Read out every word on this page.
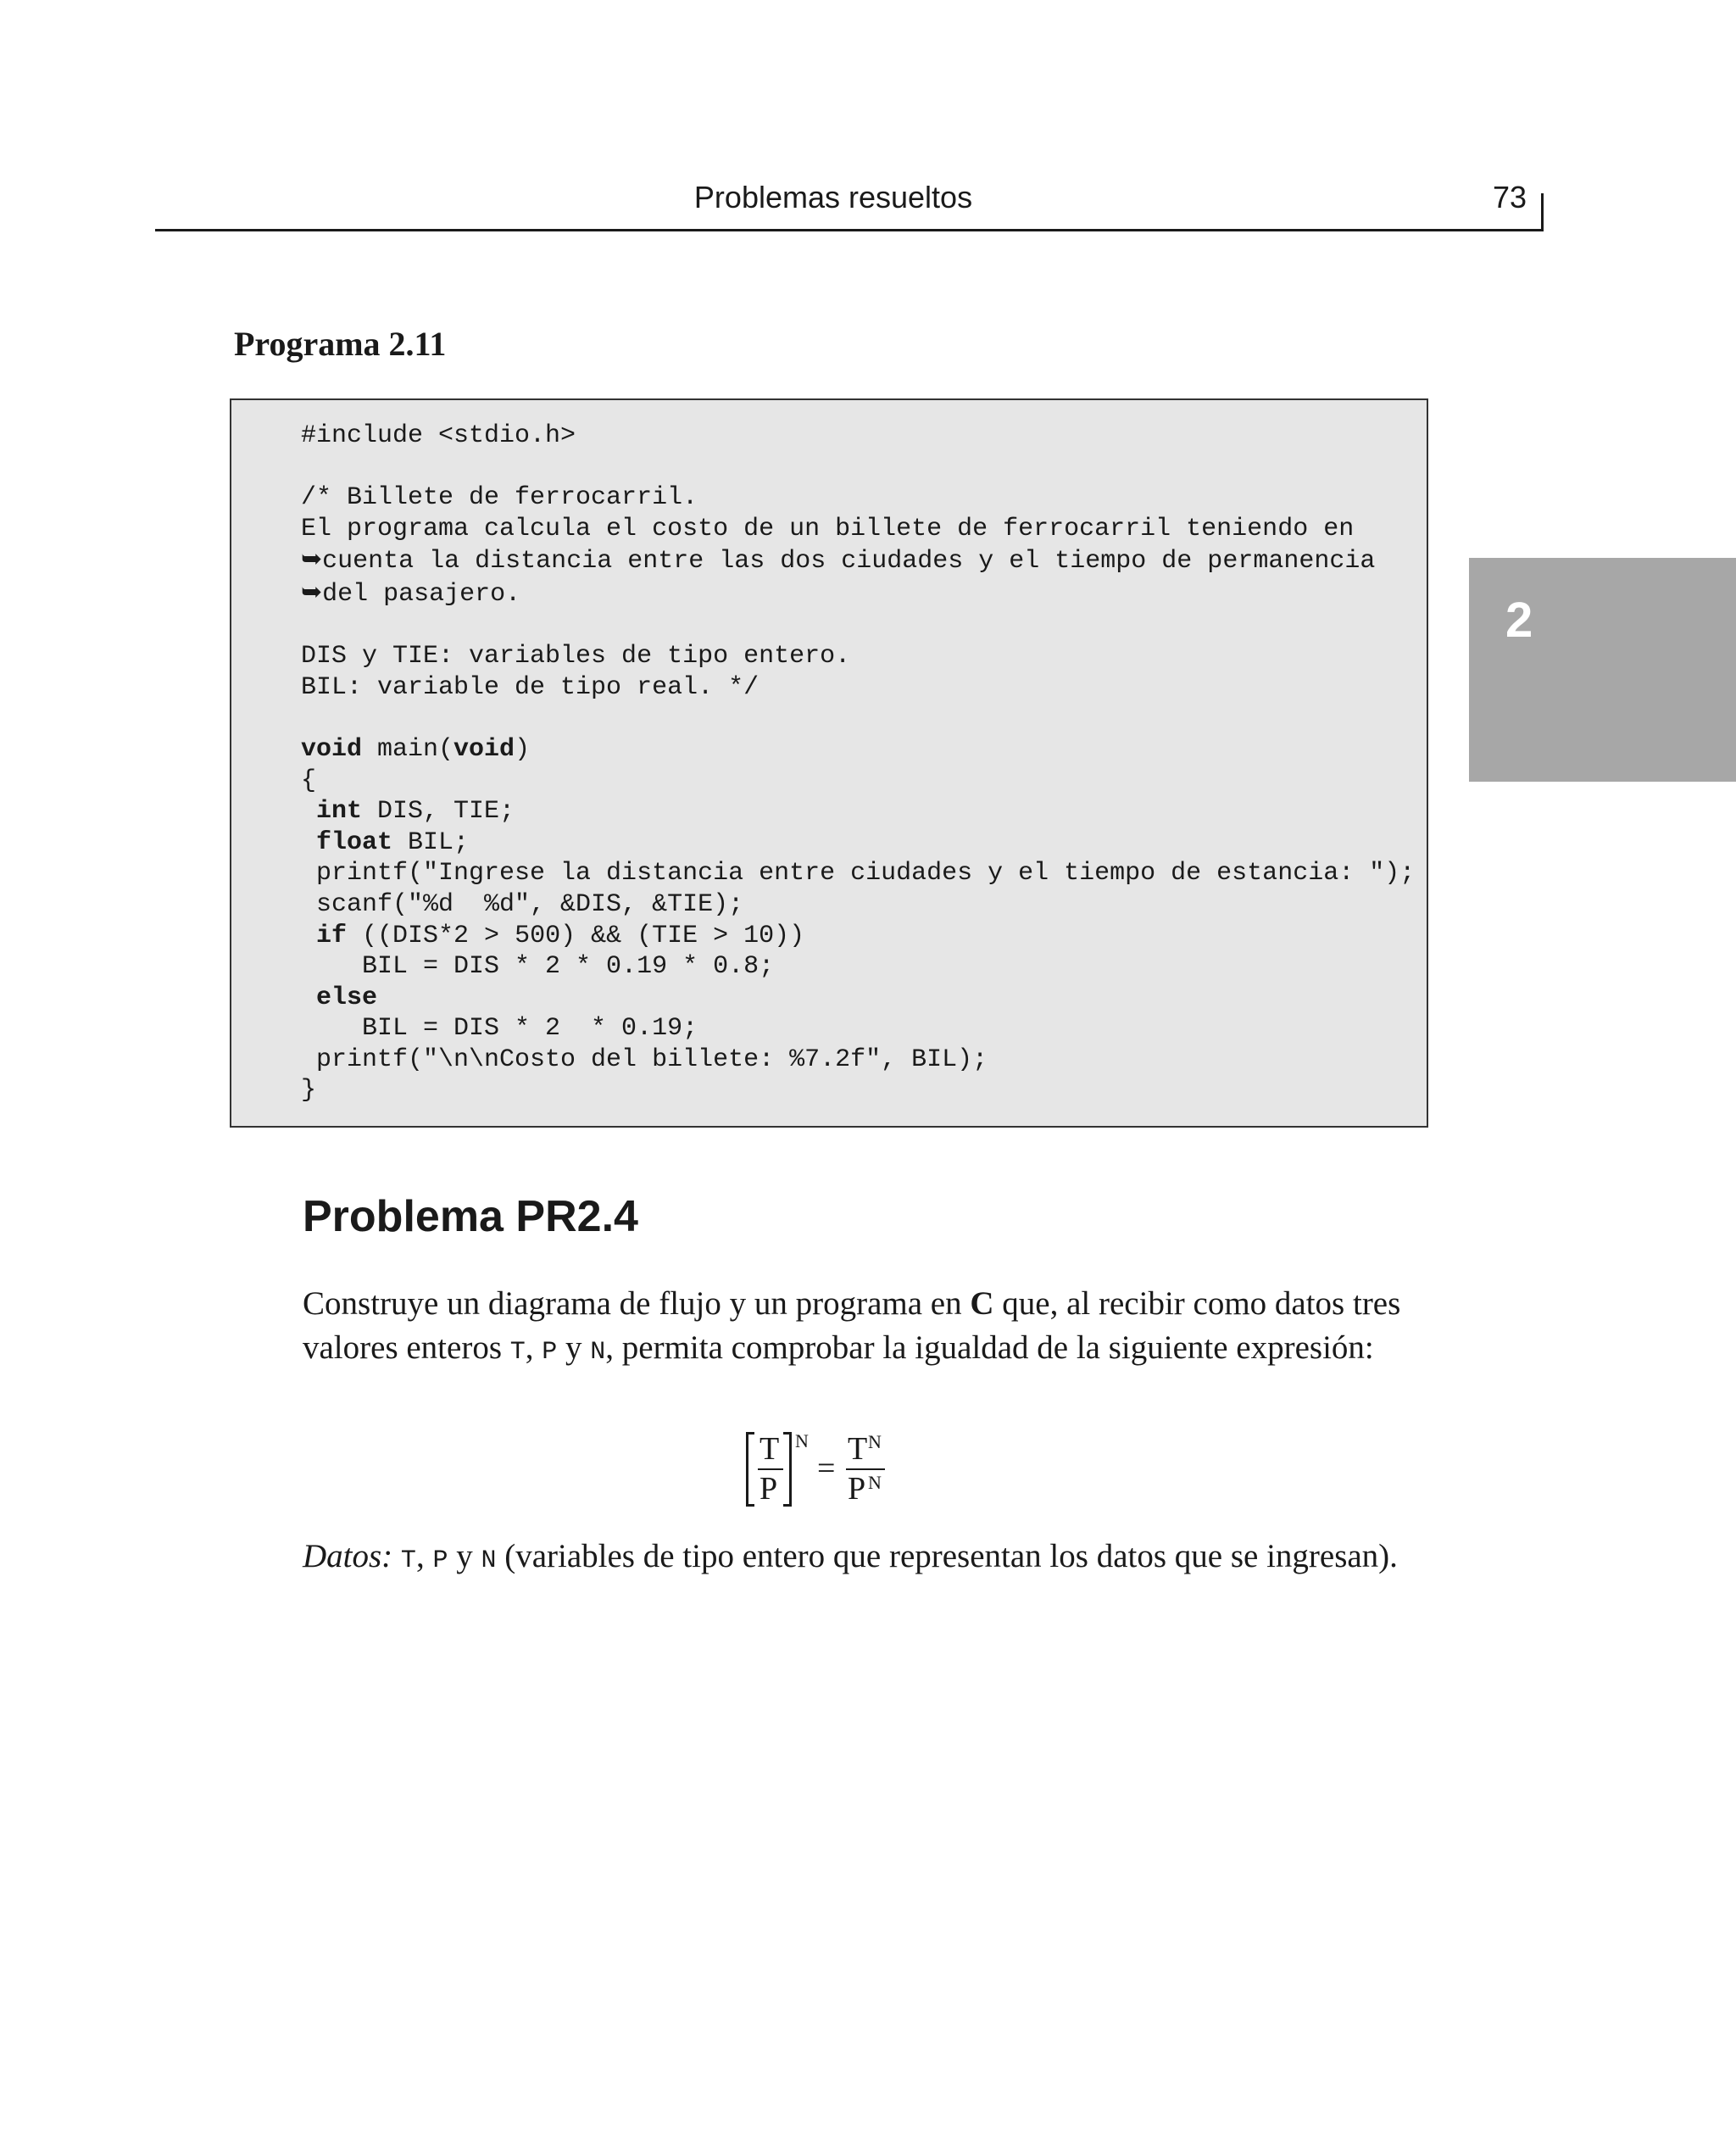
Problemas resueltos	73
2
Programa 2.11
#include <stdio.h>

/* Billete de ferrocarril.
El programa calcula el costo de un billete de ferrocarril teniendo en
➥cuenta la distancia entre las dos ciudades y el tiempo de permanencia
➥del pasajero.

DIS y TIE: variables de tipo entero.
BIL: variable de tipo real. */

void main(void)
{
int DIS, TIE;
float BIL;
printf("Ingrese la distancia entre ciudades y el tiempo de estancia: ");
scanf("%d  %d", &DIS, &TIE);
if ((DIS*2 > 500) && (TIE > 10))
BIL = DIS * 2 * 0.19 * 0.8;
else
BIL = DIS * 2  * 0.19;
printf("\n\nCosto del billete: %7.2f", BIL);
}
Problema PR2.4
Construye un diagrama de flujo y un programa en C que, al recibir como datos tres valores enteros T, P y N, permita comprobar la igualdad de la siguiente expresión:
T
P
N
=
T N
P N
Datos: T, P y N (variables de tipo entero que representan los datos que se ingresan).
